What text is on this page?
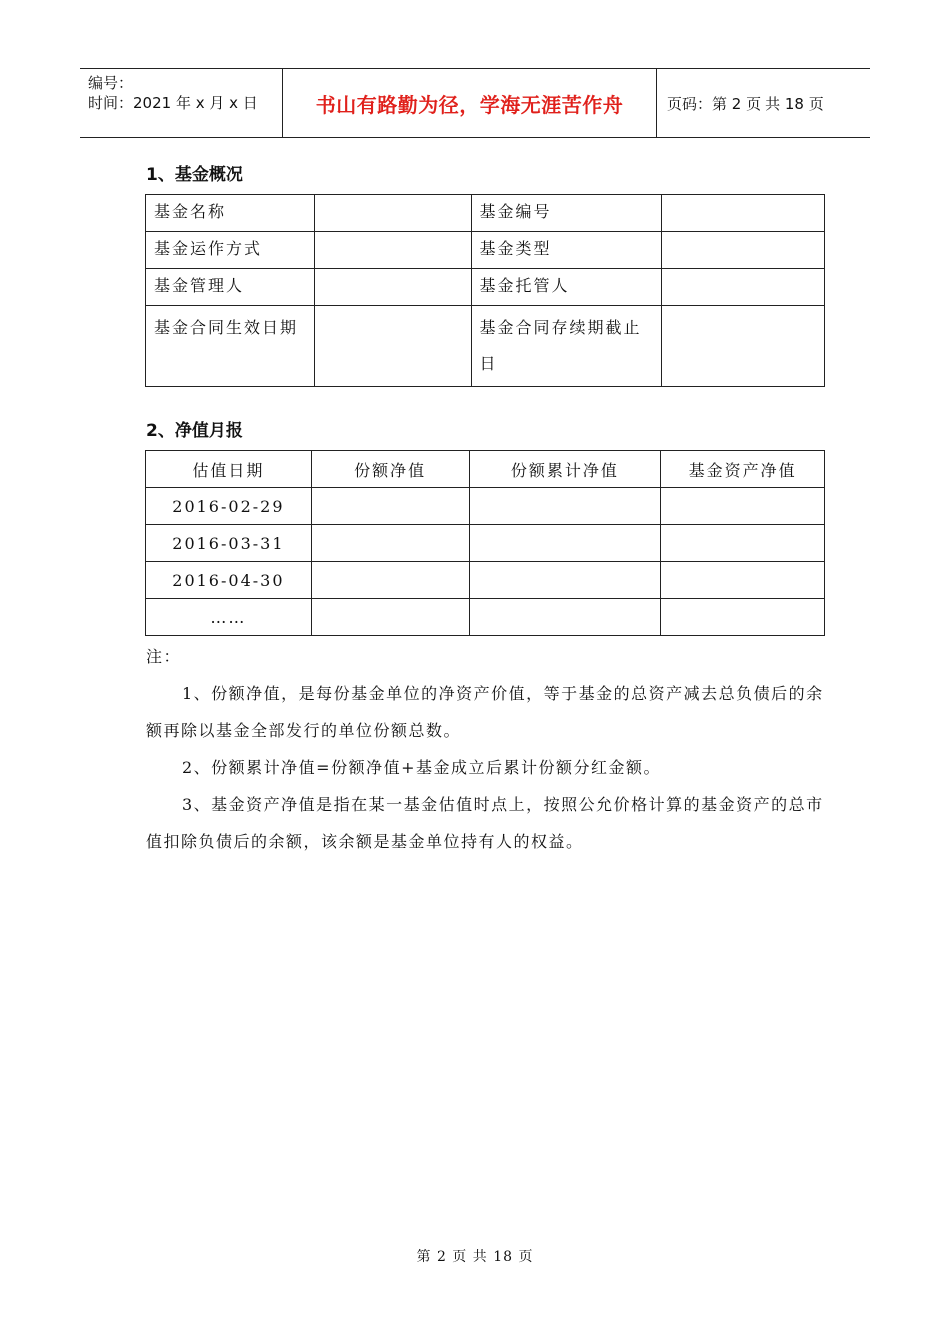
编号：
时间：2021 年 x 月 x 日	书山有路勤为径，学海无涯苦作舟	页码：第 2 页 共 18 页
1、基金概况
基金名称		基金编号	
基金运作方式		基金类型	
基金管理人		基金托管人	
基金合同生效日期		基金合同存续期截止日	
2、净值月报
估值日期	份额净值	份额累计净值	基金资产净值
2016-02-29			
2016-03-31			
2016-04-30			
……			

注：

1、份额净值，是每份基金单位的净资产价值，等于基金的总资产减去总负债后的余额再除以基金全部发行的单位份额总数。

2、份额累计净值=份额净值+基金成立后累计份额分红金额。

3、基金资产净值是指在某一基金估值时点上，按照公允价格计算的基金资产的总市值扣除负债后的余额，该余额是基金单位持有人的权益。

第 2 页 共 18 页
